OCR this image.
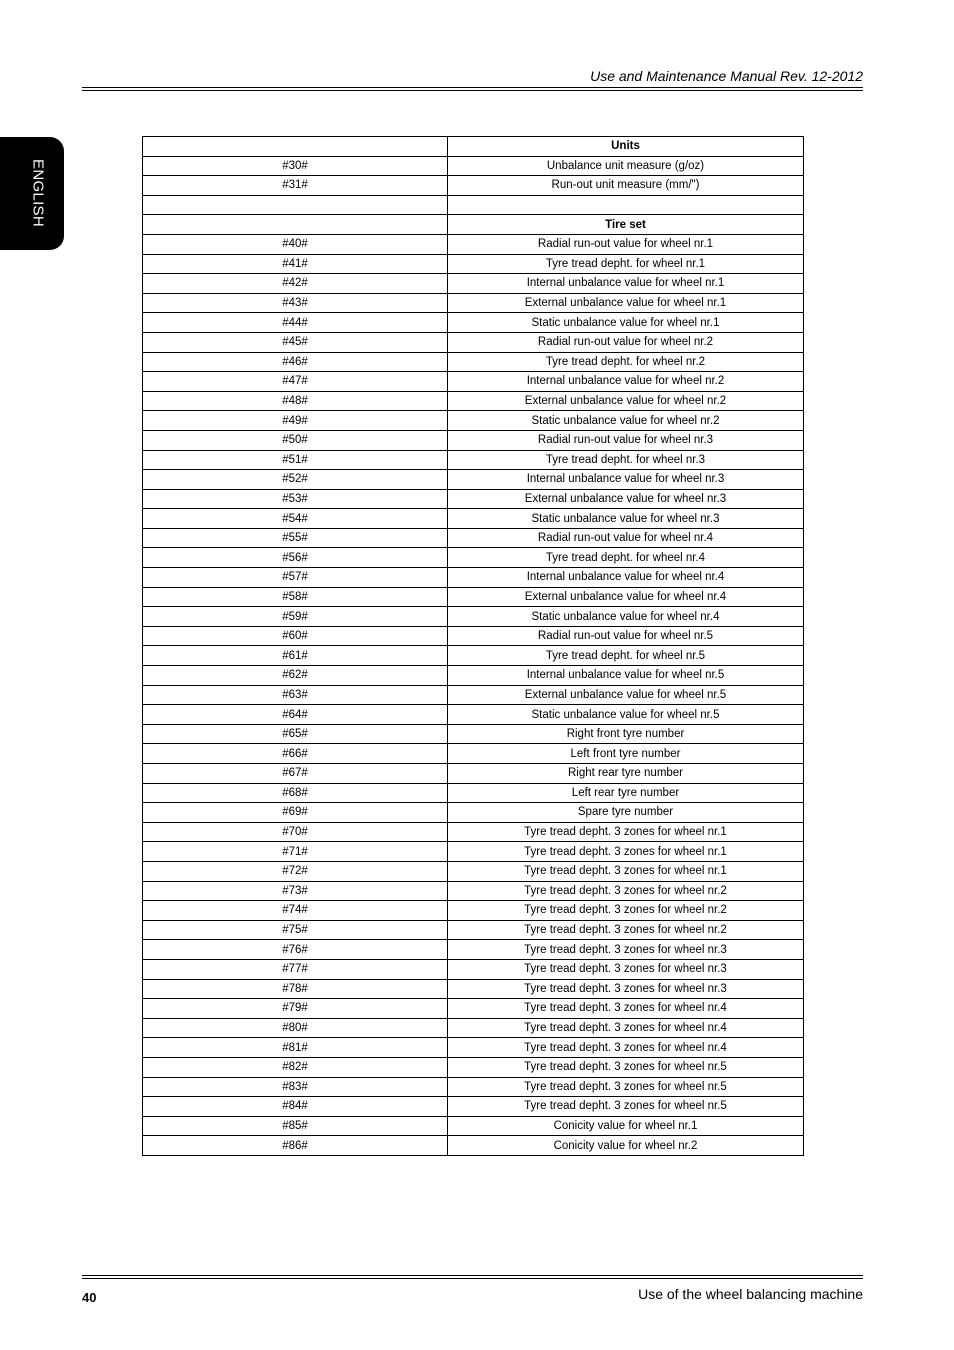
Use and Maintenance Manual Rev. 12-2012
ENGLISH
	Units
#30#	Unbalance unit measure (g/oz)
#31#	Run-out unit measure (mm/")

	Tire set
#40#	Radial run-out value for wheel nr.1
#41#	Tyre tread depht. for wheel nr.1
#42#	Internal unbalance value for wheel nr.1
#43#	External unbalance value for wheel nr.1
#44#	Static unbalance value for wheel nr.1
#45#	Radial run-out value for wheel nr.2
#46#	Tyre tread depht. for wheel nr.2
#47#	Internal unbalance value for wheel nr.2
#48#	External unbalance value for wheel nr.2
#49#	Static unbalance value for wheel nr.2
#50#	Radial run-out value for wheel nr.3
#51#	Tyre tread depht. for wheel nr.3
#52#	Internal unbalance value for wheel nr.3
#53#	External unbalance value for wheel nr.3
#54#	Static unbalance value for wheel nr.3
#55#	Radial run-out value for wheel nr.4
#56#	Tyre tread depht. for wheel nr.4
#57#	Internal unbalance value for wheel nr.4
#58#	External unbalance value for wheel nr.4
#59#	Static unbalance value for wheel nr.4
#60#	Radial run-out value for wheel nr.5
#61#	Tyre tread depht. for wheel nr.5
#62#	Internal unbalance value for wheel nr.5
#63#	External unbalance value for wheel nr.5
#64#	Static unbalance value for wheel nr.5
#65#	Right front tyre number
#66#	Left front tyre number
#67#	Right rear tyre number
#68#	Left rear tyre number
#69#	Spare tyre number
#70#	Tyre tread depht. 3 zones for wheel nr.1
#71#	Tyre tread depht. 3 zones for wheel nr.1
#72#	Tyre tread depht. 3 zones for wheel nr.1
#73#	Tyre tread depht. 3 zones for wheel nr.2
#74#	Tyre tread depht. 3 zones for wheel nr.2
#75#	Tyre tread depht. 3 zones for wheel nr.2
#76#	Tyre tread depht. 3 zones for wheel nr.3
#77#	Tyre tread depht. 3 zones for wheel nr.3
#78#	Tyre tread depht. 3 zones for wheel nr.3
#79#	Tyre tread depht. 3 zones for wheel nr.4
#80#	Tyre tread depht. 3 zones for wheel nr.4
#81#	Tyre tread depht. 3 zones for wheel nr.4
#82#	Tyre tread depht. 3 zones for wheel nr.5
#83#	Tyre tread depht. 3 zones for wheel nr.5
#84#	Tyre tread depht. 3 zones for wheel nr.5
#85#	Conicity value for wheel nr.1
#86#	Conicity value for wheel nr.2
40	Use of the wheel balancing machine
